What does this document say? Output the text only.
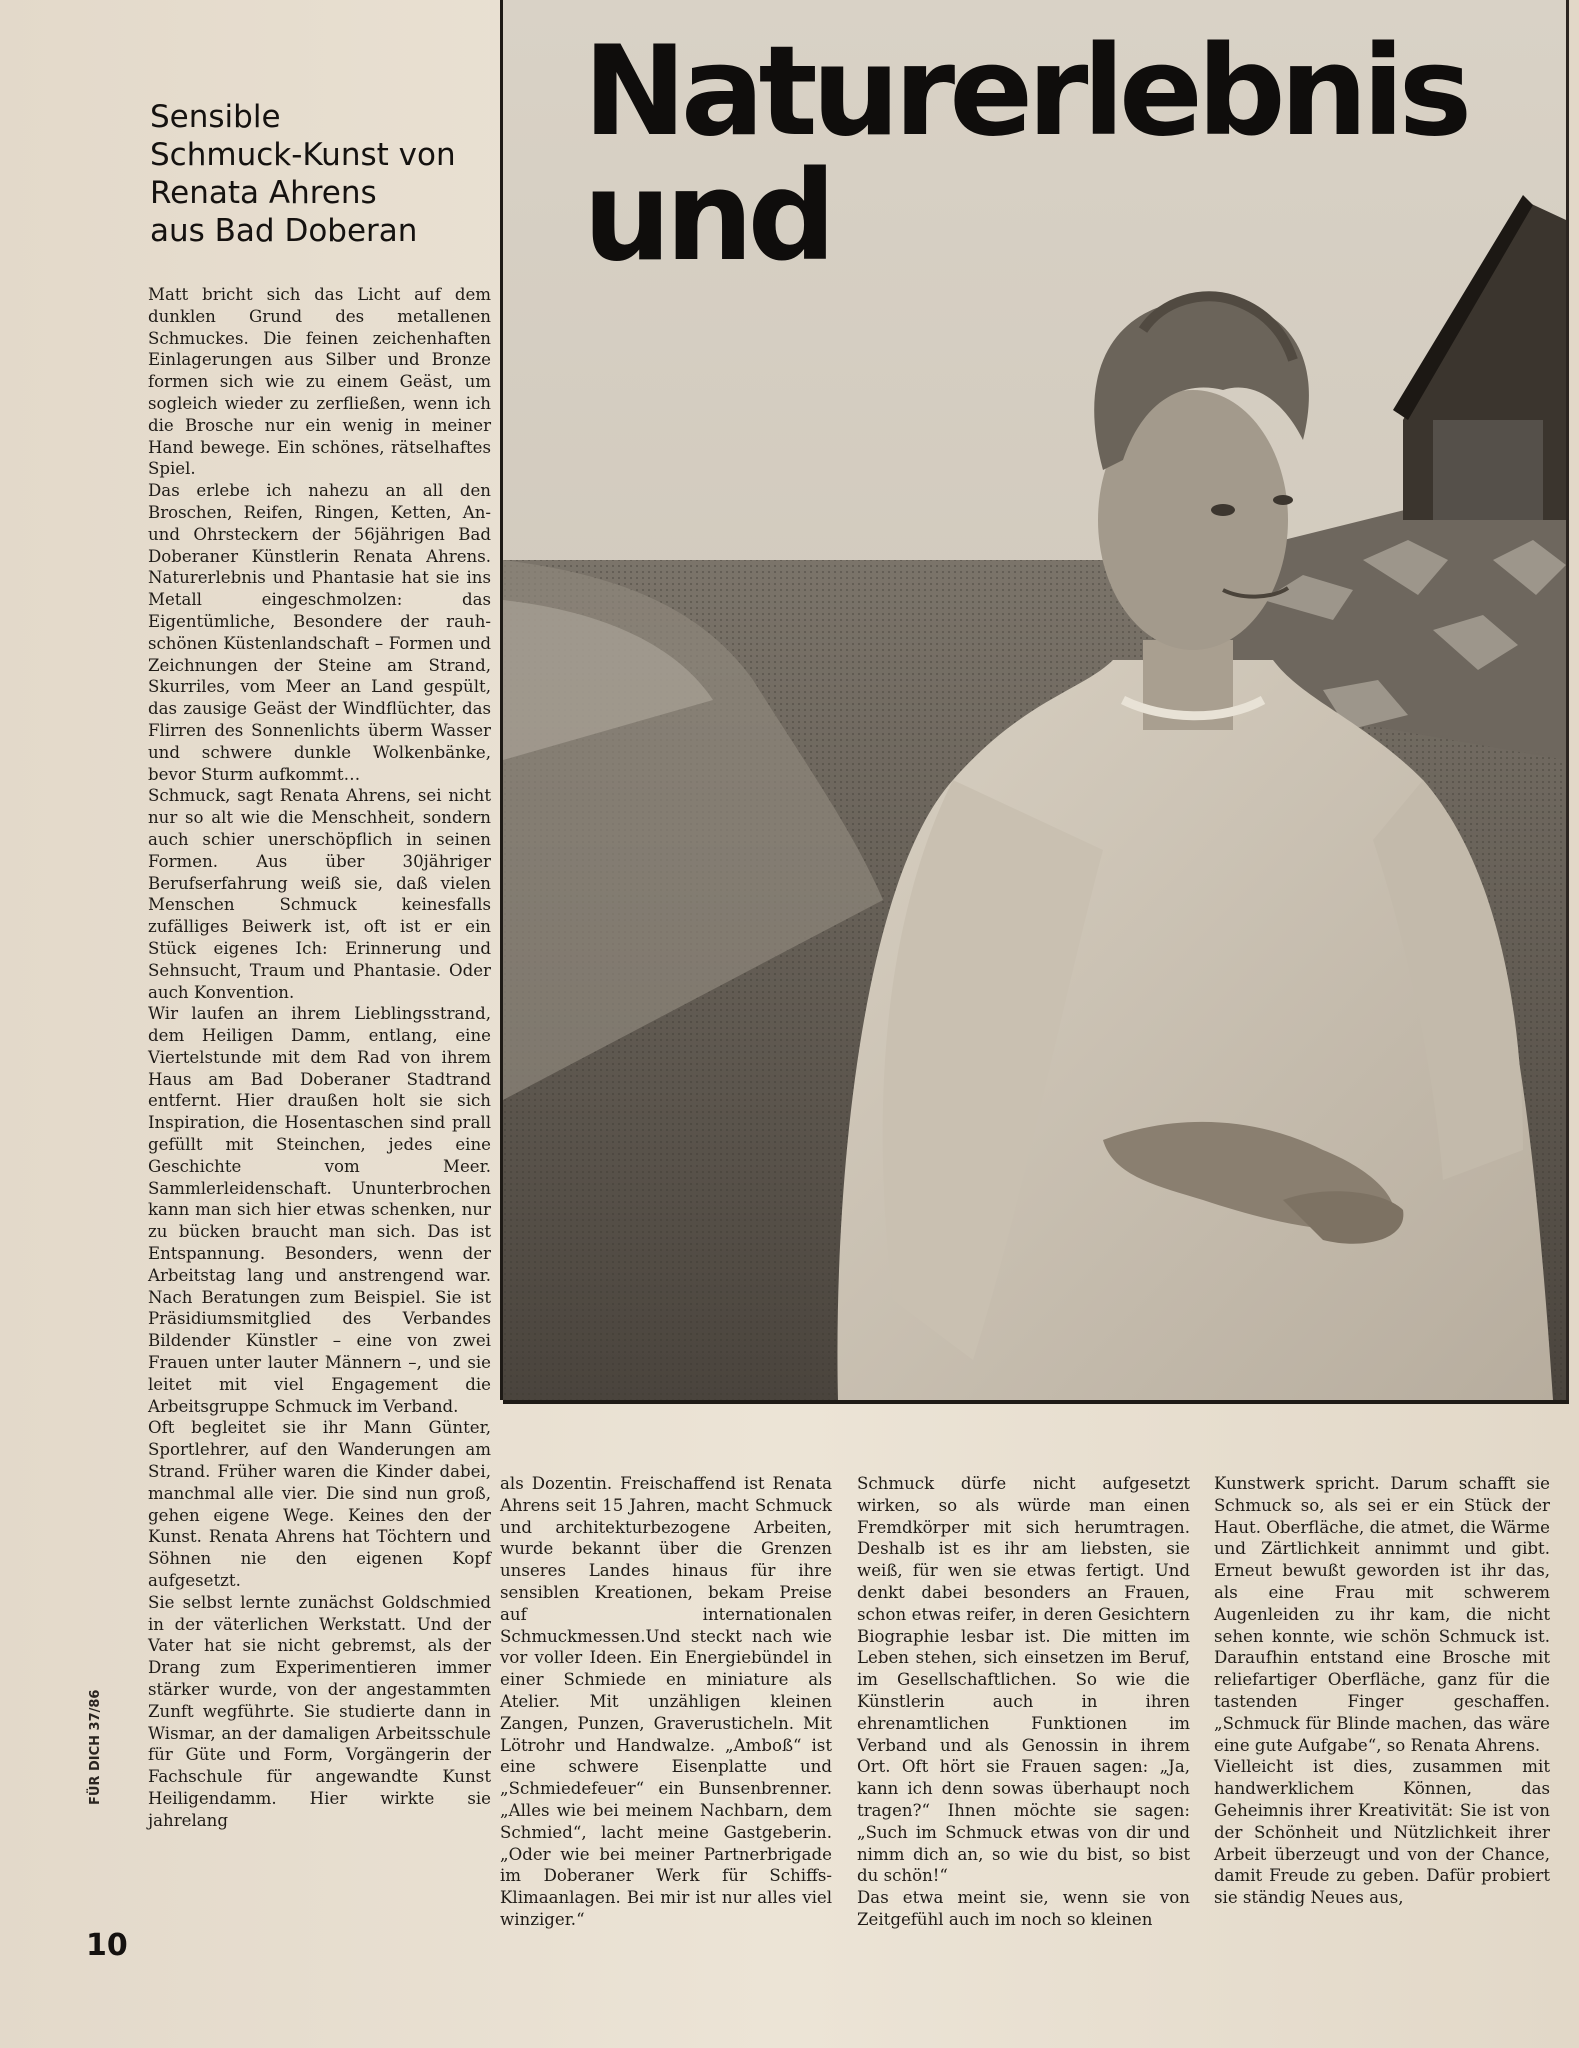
Naturerlebnis
und
Sensible
Schmuck-Kunst von
Renata Ahrens
aus Bad Doberan

Matt bricht sich das Licht auf dem dunklen Grund des metallenen Schmuckes. Die feinen zeichenhaften Einlagerungen aus Silber und Bronze formen sich wie zu einem Geäst, um sogleich wieder zu zerfließen, wenn ich die Brosche nur ein wenig in meiner Hand bewege. Ein schönes, rätselhaftes Spiel.

Das erlebe ich nahezu an all den Broschen, Reifen, Ringen, Ketten, An- und Ohrsteckern der 56jährigen Bad Doberaner Künstlerin Renata Ahrens. Naturerlebnis und Phantasie hat sie ins Metall eingeschmolzen: das Eigentümliche, Besondere der rauh-schönen Küstenlandschaft – Formen und Zeichnungen der Steine am Strand, Skurriles, vom Meer an Land gespült, das zausige Geäst der Windflüchter, das Flirren des Sonnenlichts überm Wasser und schwere dunkle Wolkenbänke, bevor Sturm aufkommt…

Schmuck, sagt Renata Ahrens, sei nicht nur so alt wie die Menschheit, sondern auch schier unerschöpflich in seinen Formen. Aus über 30jähriger Berufserfahrung weiß sie, daß vielen Menschen Schmuck keinesfalls zufälliges Beiwerk ist, oft ist er ein Stück eigenes Ich: Erinnerung und Sehnsucht, Traum und Phantasie. Oder auch Konvention.

Wir laufen an ihrem Lieblingsstrand, dem Heiligen Damm, entlang, eine Viertelstunde mit dem Rad von ihrem Haus am Bad Doberaner Stadtrand entfernt. Hier draußen holt sie sich Inspiration, die Hosentaschen sind prall gefüllt mit Steinchen, jedes eine Geschichte vom Meer. Sammlerleidenschaft. Ununterbrochen kann man sich hier etwas schenken, nur zu bücken braucht man sich. Das ist Entspannung. Besonders, wenn der Arbeitstag lang und anstrengend war. Nach Beratungen zum Beispiel. Sie ist Präsidiumsmitglied des Verbandes Bildender Künstler – eine von zwei Frauen unter lauter Männern –, und sie leitet mit viel Engagement die Arbeitsgruppe Schmuck im Verband.

Oft begleitet sie ihr Mann Günter, Sportlehrer, auf den Wanderungen am Strand. Früher waren die Kinder dabei, manchmal alle vier. Die sind nun groß, gehen eigene Wege. Keines den der Kunst. Renata Ahrens hat Töchtern und Söhnen nie den eigenen Kopf aufgesetzt.

Sie selbst lernte zunächst Goldschmied in der väterlichen Werkstatt. Und der Vater hat sie nicht gebremst, als der Drang zum Experimentieren immer stärker wurde, von der angestammten Zunft wegführte. Sie studierte dann in Wismar, an der damaligen Arbeitsschule für Güte und Form, Vorgängerin der Fachschule für angewandte Kunst Heiligendamm. Hier wirkte sie jahrelang

als Dozentin. Freischaffend ist Renata Ahrens seit 15 Jahren, macht Schmuck und architekturbezogene Arbeiten, wurde bekannt über die Grenzen unseres Landes hinaus für ihre sensiblen Kreationen, bekam Preise auf internationalen Schmuckmessen.Und steckt nach wie vor voller Ideen. Ein Energiebündel in einer Schmiede en miniature als Atelier. Mit unzähligen kleinen Zangen, Punzen, Graverusticheln. Mit Lötrohr und Handwalze. „Amboß“ ist eine schwere Eisenplatte und „Schmiedefeuer“ ein Bunsenbrenner. „Alles wie bei meinem Nachbarn, dem Schmied“, lacht meine Gastgeberin. „Oder wie bei meiner Partnerbrigade im Doberaner Werk für Schiffs-Klimaanlagen. Bei mir ist nur alles viel winziger.“

Schmuck dürfe nicht aufgesetzt wirken, so als würde man einen Fremdkörper mit sich herumtragen. Deshalb ist es ihr am liebsten, sie weiß, für wen sie etwas fertigt. Und denkt dabei besonders an Frauen, schon etwas reifer, in deren Gesichtern Biographie lesbar ist. Die mitten im Leben stehen, sich einsetzen im Beruf, im Gesellschaftlichen. So wie die Künstlerin auch in ihren ehrenamtlichen Funktionen im Verband und als Genossin in ihrem Ort. Oft hört sie Frauen sagen: „Ja, kann ich denn sowas überhaupt noch tragen?“ Ihnen möchte sie sagen: „Such im Schmuck etwas von dir und nimm dich an, so wie du bist, so bist du schön!“

Das etwa meint sie, wenn sie von Zeitgefühl auch im noch so kleinen

Kunstwerk spricht. Darum schafft sie Schmuck so, als sei er ein Stück der Haut. Oberfläche, die atmet, die Wärme und Zärtlichkeit annimmt und gibt. Erneut bewußt geworden ist ihr das, als eine Frau mit schwerem Augenleiden zu ihr kam, die nicht sehen konnte, wie schön Schmuck ist. Daraufhin entstand eine Brosche mit reliefartiger Oberfläche, ganz für die tastenden Finger geschaffen. „Schmuck für Blinde machen, das wäre eine gute Aufgabe“, so Renata Ahrens.

Vielleicht ist dies, zusammen mit handwerklichem Können, das Geheimnis ihrer Kreativität: Sie ist von der Schönheit und Nützlichkeit ihrer Arbeit überzeugt und von der Chance, damit Freude zu geben. Dafür probiert sie ständig Neues aus,

FÜR DICH 37/86
10
